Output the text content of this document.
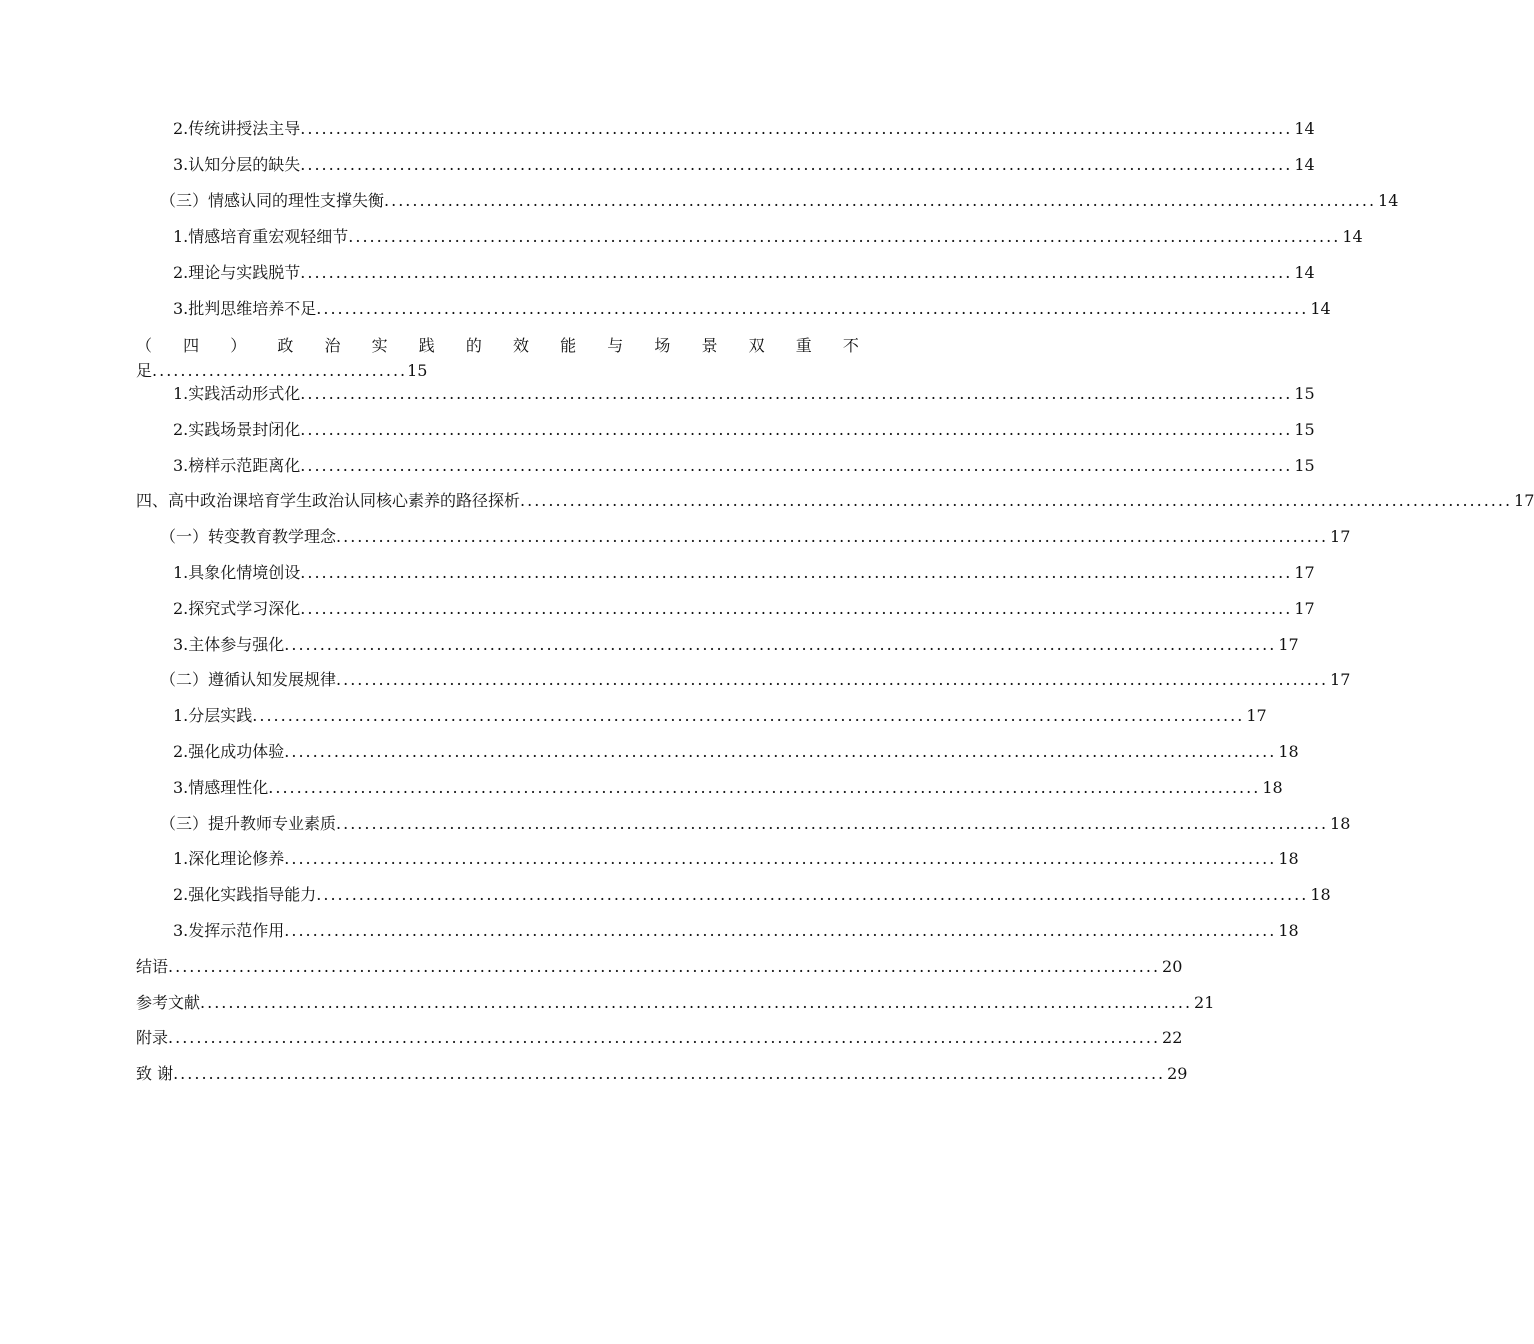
2.传统讲授法主导 ............................................................................................................................................ 14
3.认知分层的缺失 ............................................................................................................................................ 14
（三）情感认同的理性支撑失衡 ............................................................................................................................................ 14
1.情感培育重宏观轻细节 ............................................................................................................................................ 14
2.理论与实践脱节 ............................................................................................................................................ 14
3.批判思维培养不足 ............................................................................................................................................ 14
（ 四 ） 政 治 实 践 的 效 能 与 场 景 双 重 不
足 .................................... 15
1.实践活动形式化 ............................................................................................................................................ 15
2.实践场景封闭化 ............................................................................................................................................ 15
3.榜样示范距离化 ............................................................................................................................................ 15
四、高中政治课培育学生政治认同核心素养的路径探析 ............................................................................................................................................ 17
（一）转变教育教学理念 ............................................................................................................................................ 17
1.具象化情境创设 ............................................................................................................................................ 17
2.探究式学习深化 ............................................................................................................................................ 17
3.主体参与强化 ............................................................................................................................................ 17
（二）遵循认知发展规律 ............................................................................................................................................ 17
1.分层实践 ............................................................................................................................................ 17
2.强化成功体验 ............................................................................................................................................ 18
3.情感理性化 ............................................................................................................................................ 18
（三）提升教师专业素质 ............................................................................................................................................ 18
1.深化理论修养 ............................................................................................................................................ 18
2.强化实践指导能力 ............................................................................................................................................ 18
3.发挥示范作用 ............................................................................................................................................ 18
结语 ............................................................................................................................................ 20
参考文献 ............................................................................................................................................ 21
附录 ............................................................................................................................................ 22
致 谢 ............................................................................................................................................ 29
